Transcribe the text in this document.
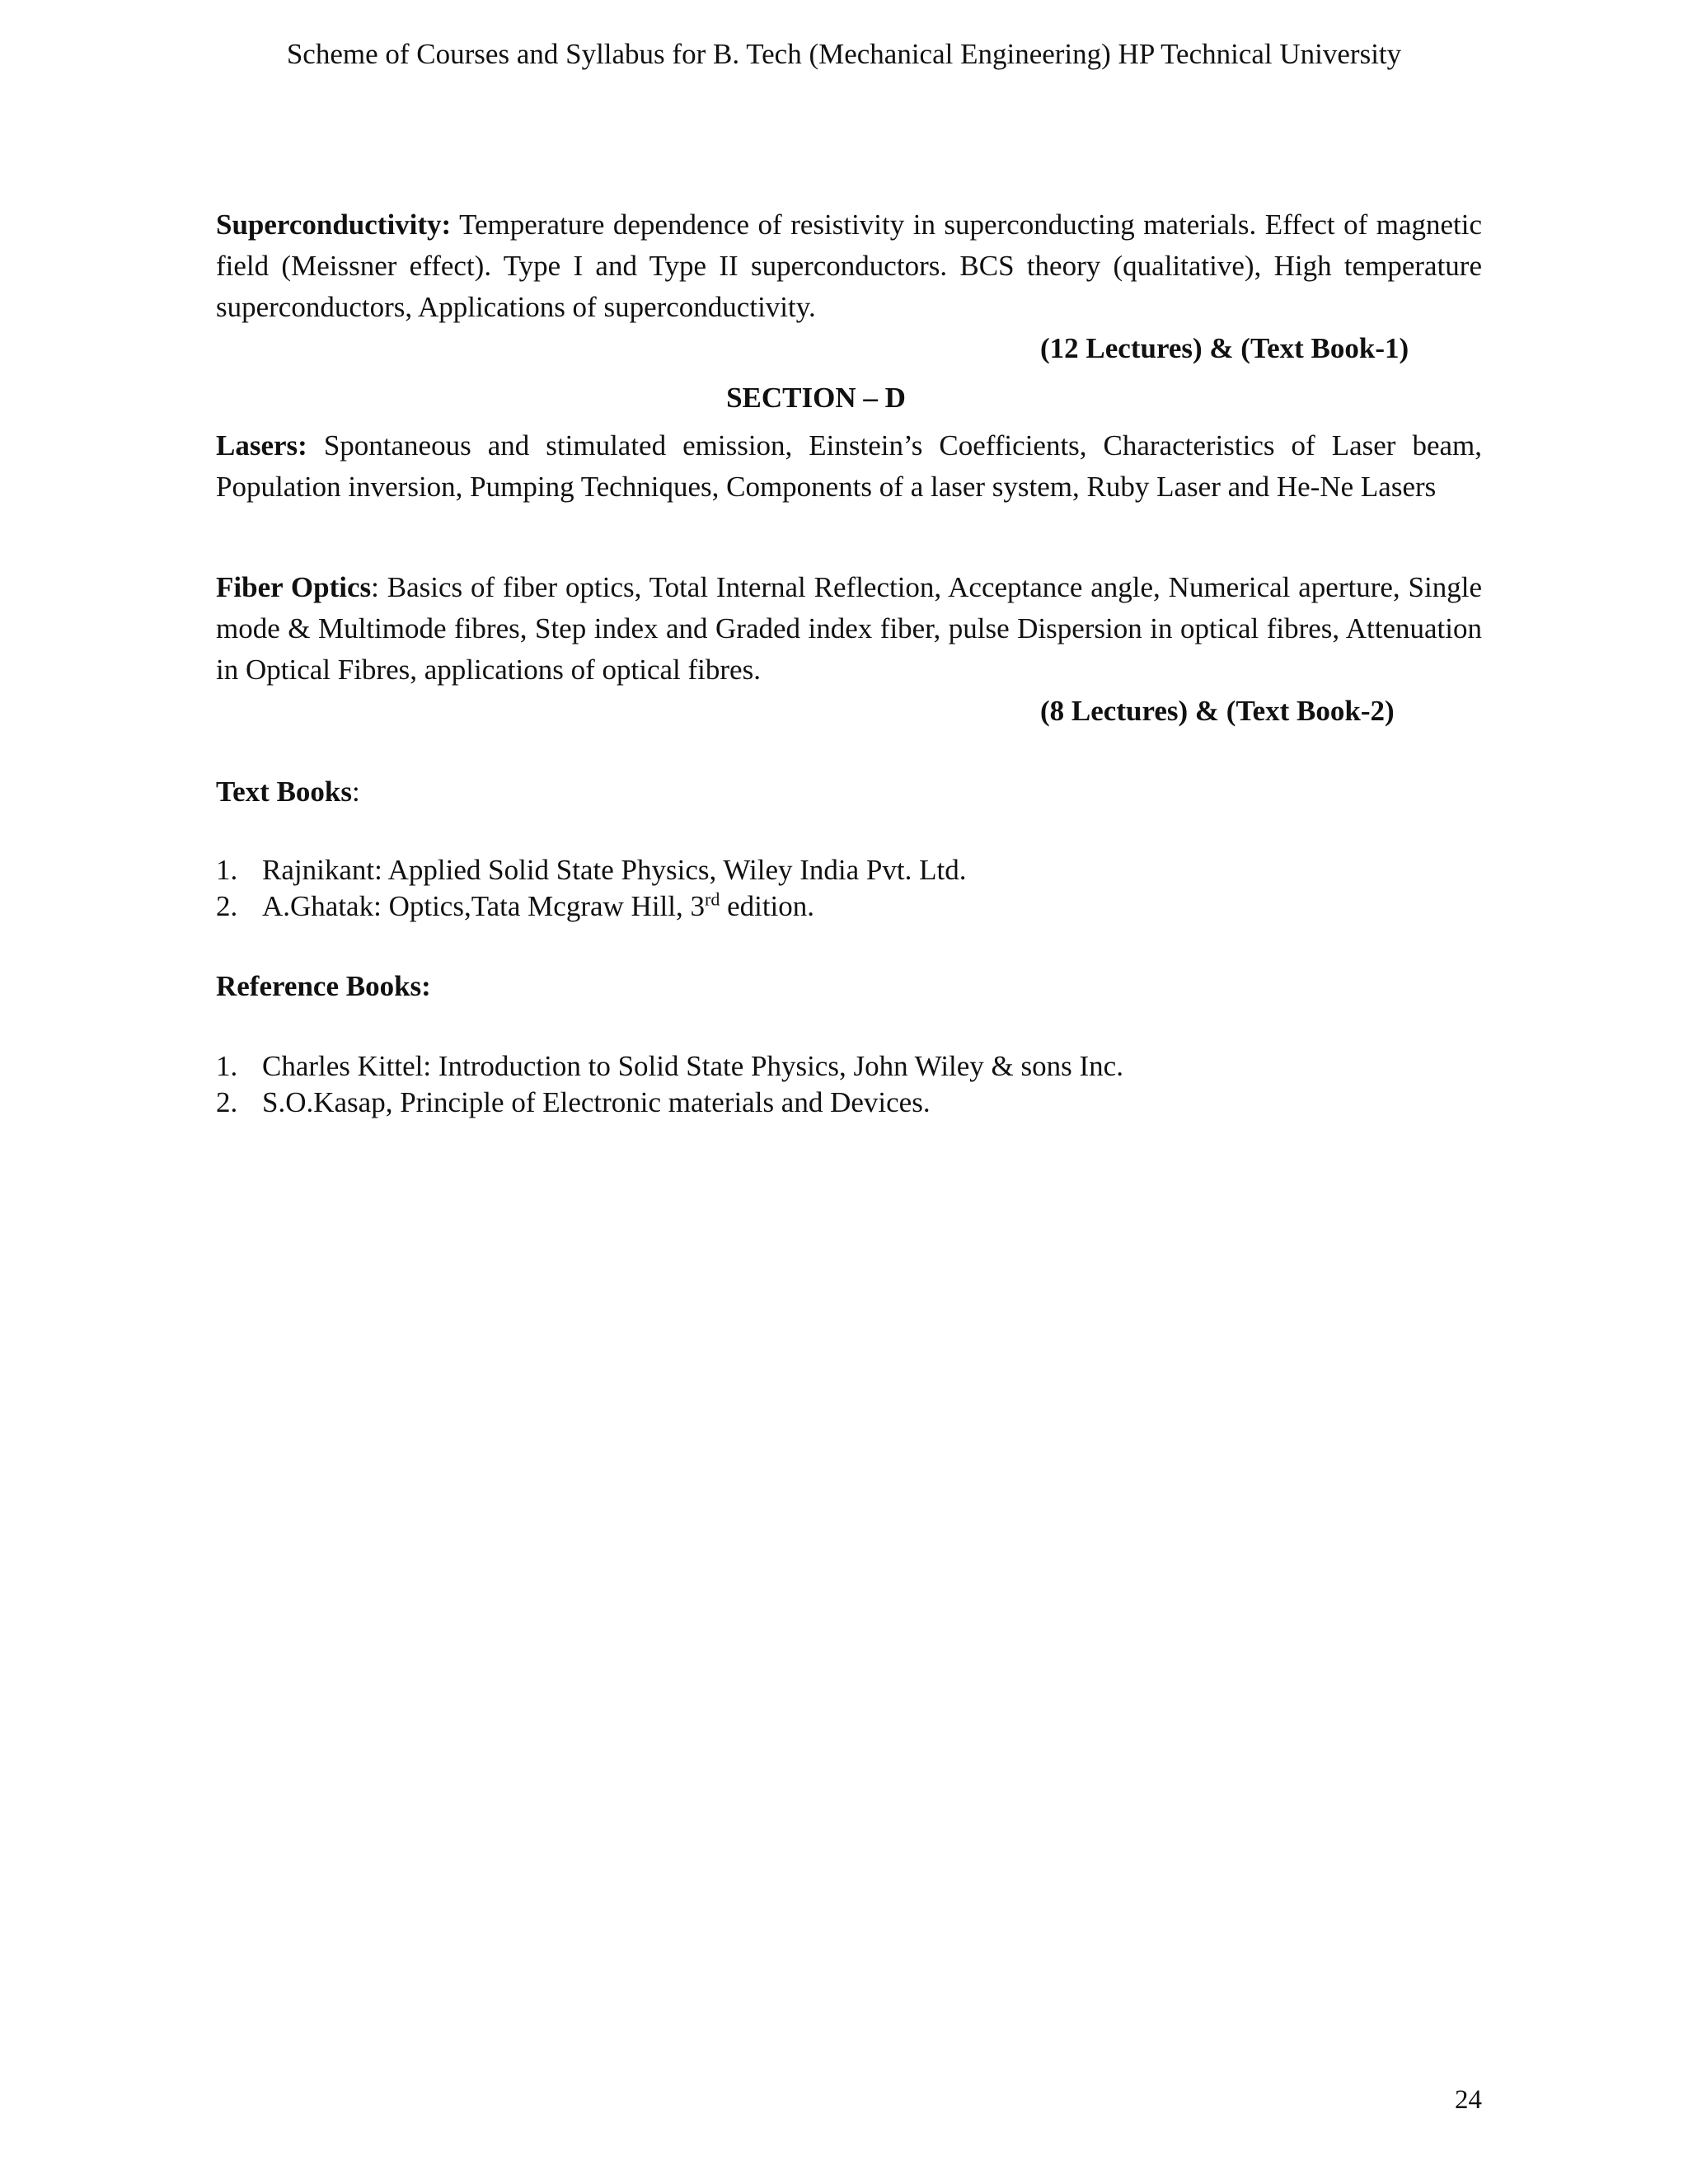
Scheme of Courses and Syllabus for B. Tech (Mechanical Engineering) HP Technical University

Superconductivity: Temperature dependence of resistivity in superconducting materials. Effect of magnetic field (Meissner effect). Type I and Type II superconductors. BCS theory (qualitative), High temperature superconductors, Applications of superconductivity.

(12 Lectures) & (Text Book-1)

SECTION – D

Lasers: Spontaneous and stimulated emission, Einstein’s Coefficients, Characteristics of Laser beam, Population inversion, Pumping Techniques, Components of a laser system, Ruby Laser and He-Ne Lasers

Fiber Optics: Basics of fiber optics, Total Internal Reflection, Acceptance angle, Numerical aperture, Single mode & Multimode fibres, Step index and Graded index fiber, pulse Dispersion in optical fibres, Attenuation in Optical Fibres, applications of optical fibres.

(8 Lectures) & (Text Book-2)

Text Books:

1. Rajnikant: Applied Solid State Physics, Wiley India Pvt. Ltd.
2. A.Ghatak: Optics,Tata Mcgraw Hill, 3rd edition.

Reference Books:

1. Charles Kittel: Introduction to Solid State Physics, John Wiley & sons Inc.
2. S.O.Kasap, Principle of Electronic materials and Devices.
24
